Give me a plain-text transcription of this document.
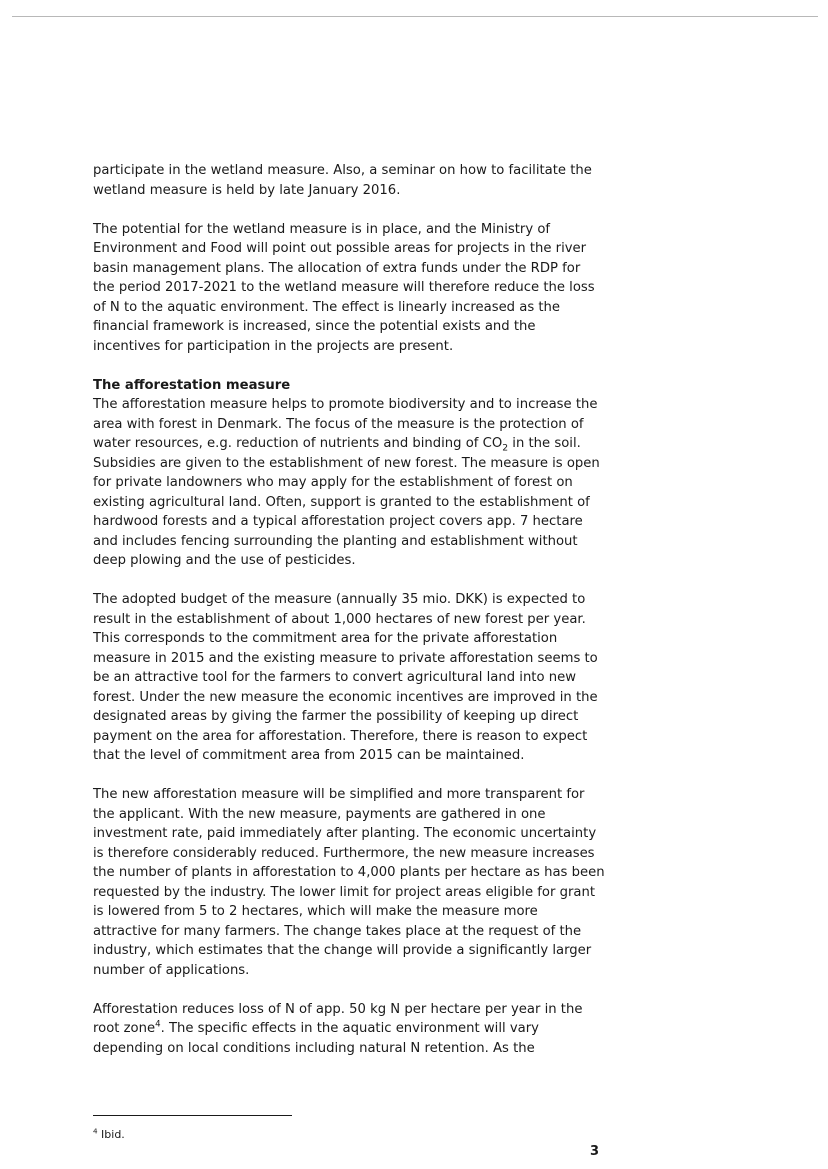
participate in the wetland measure. Also, a seminar on how to facilitate the wetland measure is held by late January 2016.

The potential for the wetland measure is in place, and the Ministry of Environment and Food will point out possible areas for projects in the river basin management plans. The allocation of extra funds under the RDP for the period 2017-2021 to the wetland measure will therefore reduce the loss of N to the aquatic environment. The effect is linearly increased as the financial framework is increased, since the potential exists and the incentives for participation in the projects are present.

The afforestation measure

The afforestation measure helps to promote biodiversity and to increase the area with forest in Denmark. The focus of the measure is the protection of water resources, e.g. reduction of nutrients and binding of $CO_2$ in the soil.

Subsidies are given to the establishment of new forest. The measure is open for private landowners who may apply for the establishment of forest on existing agricultural land. Often, support is granted to the establishment of hardwood forests and a typical afforestation project covers app. 7 hectare and includes fencing surrounding the planting and establishment without deep plowing and the use of pesticides.

The adopted budget of the measure (annually 35 mio. DKK) is expected to result in the establishment of about 1,000 hectares of new forest per year. This corresponds to the commitment area for the private afforestation measure in 2015 and the existing measure to private afforestation seems to be an attractive tool for the farmers to convert agricultural land into new forest. Under the new measure the economic incentives are improved in the designated areas by giving the farmer the possibility of keeping up direct payment on the area for afforestation. Therefore, there is reason to expect that the level of commitment area from 2015 can be maintained.

The new afforestation measure will be simplified and more transparent for the applicant. With the new measure, payments are gathered in one investment rate, paid immediately after planting. The economic uncertainty is therefore considerably reduced. Furthermore, the new measure increases the number of plants in afforestation to 4,000 plants per hectare as has been requested by the industry. The lower limit for project areas eligible for grant is lowered from 5 to 2 hectares, which will make the measure more attractive for many farmers. The change takes place at the request of the industry, which estimates that the change will provide a significantly larger number of applications.

Afforestation reduces loss of N of app. 50 kg N per hectare per year in the root zone$^4$. The specific effects in the aquatic environment will vary depending on local conditions including natural N retention. As the

$^4$ Ibid.
3
